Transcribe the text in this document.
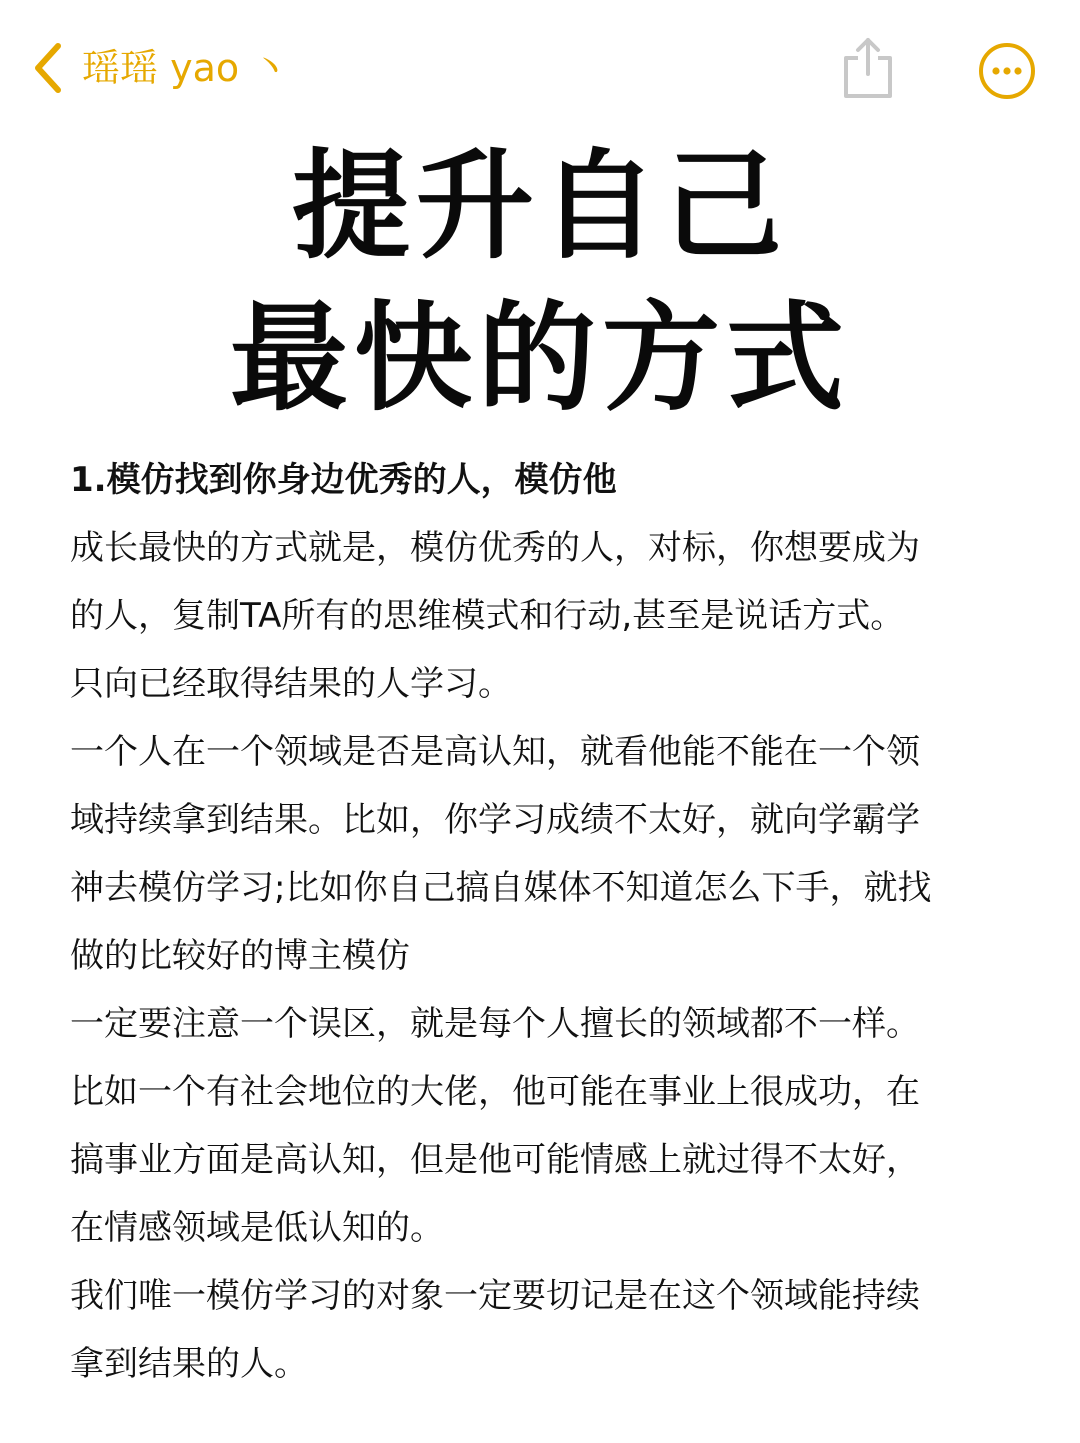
瑶瑶 yao 丶
提升自己
最快的方式
1.模仿找到你身边优秀的人，模仿他

成长最快的方式就是，模仿优秀的人，对标，你想要成为
的人，复制TA所有的思维模式和行动,甚至是说话方式。

只向已经取得结果的人学习。

一个人在一个领域是否是高认知，就看他能不能在一个领
域持续拿到结果。比如，你学习成绩不太好，就向学霸学
神去模仿学习;比如你自己搞自媒体不知道怎么下手，就找
做的比较好的博主模仿

一定要注意一个误区，就是每个人擅长的领域都不一样。
比如一个有社会地位的大佬，他可能在事业上很成功，在
搞事业方面是高认知，但是他可能情感上就过得不太好，
在情感领域是低认知的。

我们唯一模仿学习的对象一定要切记是在这个领域能持续
拿到结果的人。
